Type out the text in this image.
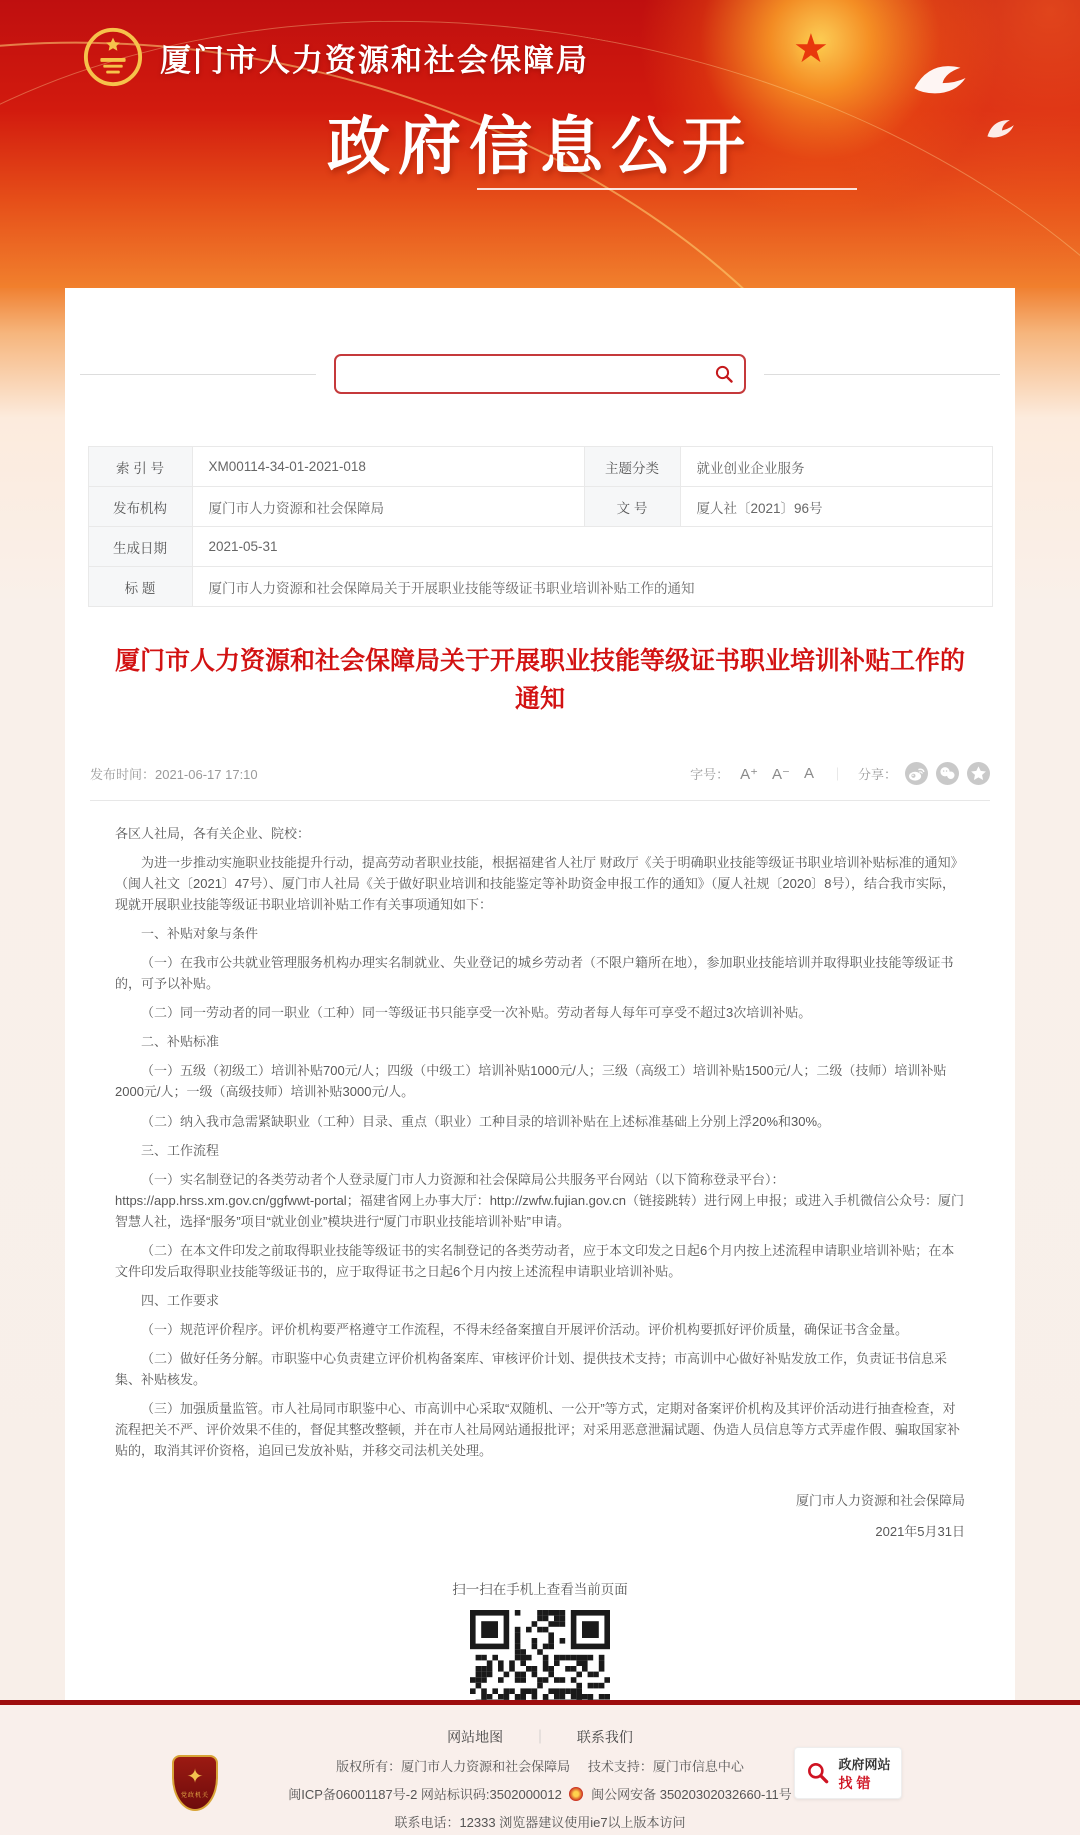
★
厦门市人力资源和社会保障局
政府信息公开
索 引 号	XM00114-34-01-2021-018	主题分类	就业创业企业服务
发布机构	厦门市人力资源和社会保障局	文 号	厦人社〔2021〕96号
生成日期	2021-05-31		
标 题	厦门市人力资源和社会保障局关于开展职业技能等级证书职业培训补贴工作的通知		
厦门市人力资源和社会保障局关于开展职业技能等级证书职业培训补贴工作的通知
发布时间：2021-06-17 17:10	字号： A⁺ A⁻ A ｜ 分享：

各区人社局，各有关企业、院校：

为进一步推动实施职业技能提升行动，提高劳动者职业技能，根据福建省人社厅 财政厅《关于明确职业技能等级证书职业培训补贴标准的通知》（闽人社文〔2021〕47号）、厦门市人社局《关于做好职业培训和技能鉴定等补助资金申报工作的通知》（厦人社规〔2020〕8号），结合我市实际，现就开展职业技能等级证书职业培训补贴工作有关事项通知如下：

一、补贴对象与条件

（一）在我市公共就业管理服务机构办理实名制就业、失业登记的城乡劳动者（不限户籍所在地），参加职业技能培训并取得职业技能等级证书的，可予以补贴。

（二）同一劳动者的同一职业（工种）同一等级证书只能享受一次补贴。劳动者每人每年可享受不超过3次培训补贴。

二、补贴标准

（一）五级（初级工）培训补贴700元/人；四级（中级工）培训补贴1000元/人；三级（高级工）培训补贴1500元/人；二级（技师）培训补贴2000元/人；一级（高级技师）培训补贴3000元/人。

（二）纳入我市急需紧缺职业（工种）目录、重点（职业）工种目录的培训补贴在上述标准基础上分别上浮20%和30%。

三、工作流程

（一）实名制登记的各类劳动者个人登录厦门市人力资源和社会保障局公共服务平台网站（以下简称登录平台）：https://app.hrss.xm.gov.cn/ggfwwt-portal；福建省网上办事大厅：http://zwfw.fujian.gov.cn（链接跳转）进行网上申报；或进入手机微信公众号：厦门智慧人社，选择“服务”项目“就业创业”模块进行“厦门市职业技能培训补贴”申请。

（二）在本文件印发之前取得职业技能等级证书的实名制登记的各类劳动者，应于本文印发之日起6个月内按上述流程申请职业培训补贴；在本文件印发后取得职业技能等级证书的，应于取得证书之日起6个月内按上述流程申请职业培训补贴。

四、工作要求

（一）规范评价程序。评价机构要严格遵守工作流程，不得未经备案擅自开展评价活动。评价机构要抓好评价质量，确保证书含金量。

（二）做好任务分解。市职鉴中心负责建立评价机构备案库、审核评价计划、提供技术支持；市高训中心做好补贴发放工作，负责证书信息采集、补贴核发。

（三）加强质量监管。市人社局同市职鉴中心、市高训中心采取“双随机、一公开”等方式，定期对备案评价机构及其评价活动进行抽查检查，对流程把关不严、评价效果不佳的，督促其整改整顿，并在市人社局网站通报批评；对采用恶意泄漏试题、伪造人员信息等方式弄虚作假、骗取国家补贴的，取消其评价资格，追回已发放补贴，并移交司法机关处理。

厦门市人力资源和社会保障局
2021年5月31日
扫一扫在手机上查看当前页面
网站地图 ｜ 联系我们

版权所有：厦门市人力资源和社会保障局 技术支持：厦门市信息中心

闽ICP备06001187号-2 网站标识码:3502000012 闽公网安备 35020302032660-11号

联系电话：12333 浏览器建议使用ie7以上版本访问

✦
党政机关
政府网站
找错
